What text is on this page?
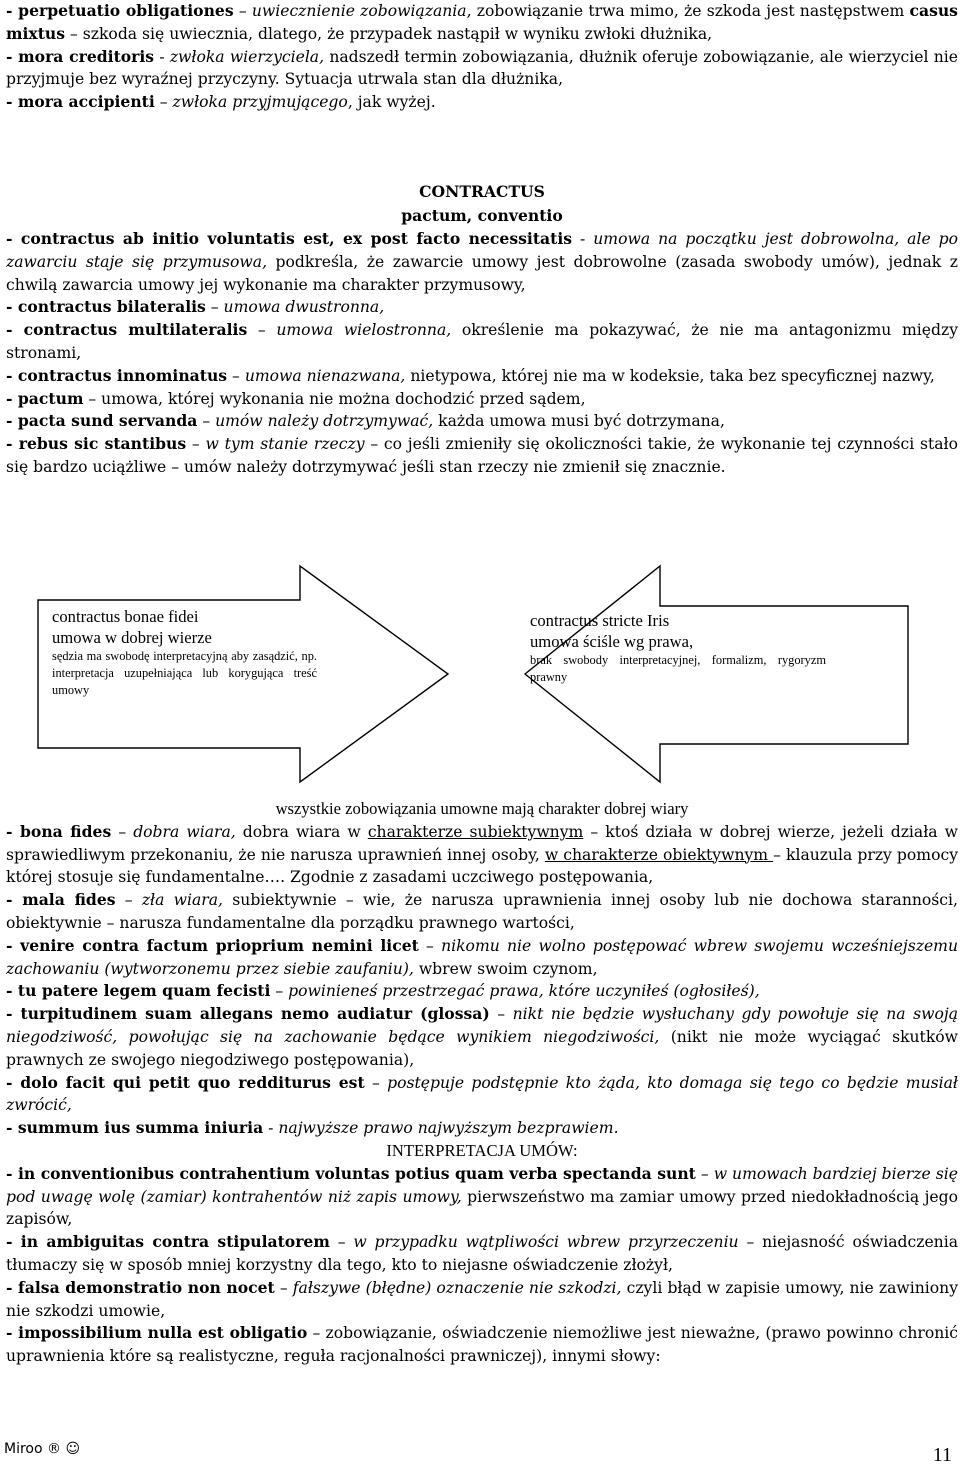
- perpetuatio obligationes – uwiecznienie zobowiązania, zobowiązanie trwa mimo, że szkoda jest następstwem casus mixtus – szkoda się uwiecznia, dlatego, że przypadek nastąpił w wyniku zwłoki dłużnika,

- mora creditoris - zwłoka wierzyciela, nadszedł termin zobowiązania, dłużnik oferuje zobowiązanie, ale wierzyciel nie przyjmuje bez wyraźnej przyczyny. Sytuacja utrwala stan dla dłużnika,

- mora accipienti – zwłoka przyjmującego, jak wyżej.

CONTRACTUS

pactum, conventio

- contractus ab initio voluntatis est, ex post facto necessitatis - umowa na początku jest dobrowolna, ale po zawarciu staje się przymusowa, podkreśla, że zawarcie umowy jest dobrowolne (zasada swobody umów), jednak z chwilą zawarcia umowy jej wykonanie ma charakter przymusowy,

- contractus bilateralis – umowa dwustronna,

- contractus multilateralis – umowa wielostronna, określenie ma pokazywać, że nie ma antagonizmu między stronami,

- contractus innominatus – umowa nienazwana, nietypowa, której nie ma w kodeksie, taka bez specyficznej nazwy,

- pactum – umowa, której wykonania nie można dochodzić przed sądem,

- pacta sund servanda – umów należy dotrzymywać, każda umowa musi być dotrzymana,

- rebus sic stantibus – w tym stanie rzeczy – co jeśli zmieniły się okoliczności takie, że wykonanie tej czynności stało się bardzo uciążliwe – umów należy dotrzymywać jeśli stan rzeczy nie zmienił się znacznie.

contractus bonae fidei
umowa w dobrej wierze
sędzia ma swobodę interpretacyjną aby zasądzić, np. interpretacja uzupełniająca lub korygująca treść umowy
contractus stricte Iris
umowa ściśle wg prawa,
brak swobody interpretacyjnej, formalizm, rygoryzm prawny

wszystkie zobowiązania umowne mają charakter dobrej wiary

- bona fides – dobra wiara, dobra wiara w charakterze subiektywnym – ktoś działa w dobrej wierze, jeżeli działa w sprawiedliwym przekonaniu, że nie narusza uprawnień innej osoby, w charakterze obiektywnym – klauzula przy pomocy której stosuje się fundamentalne…. Zgodnie z zasadami uczciwego postępowania,

- mala fides – zła wiara, subiektywnie – wie, że narusza uprawnienia innej osoby lub nie dochowa staranności, obiektywnie – narusza fundamentalne dla porządku prawnego wartości,

- venire contra factum prioprium nemini licet – nikomu nie wolno postępować wbrew swojemu wcześniejszemu zachowaniu (wytworzonemu przez siebie zaufaniu), wbrew swoim czynom,

- tu patere legem quam fecisti – powinieneś przestrzegać prawa, które uczyniłeś (ogłosiłeś),

- turpitudinem suam allegans nemo audiatur (glossa) – nikt nie będzie wysłuchany gdy powołuje się na swoją niegodziwość, powołując się na zachowanie będące wynikiem niegodziwości, (nikt nie może wyciągać skutków prawnych ze swojego niegodziwego postępowania),

- dolo facit qui petit quo redditurus est – postępuje podstępnie kto żąda, kto domaga się tego co będzie musiał zwrócić,

- summum ius summa iniuria - najwyższe prawo najwyższym bezprawiem.

INTERPRETACJA UMÓW:

- in conventionibus contrahentium voluntas potius quam verba spectanda sunt – w umowach bardziej bierze się pod uwagę wolę (zamiar) kontrahentów niż zapis umowy, pierwszeństwo ma zamiar umowy przed niedokładnością jego zapisów,

- in ambiguitas contra stipulatorem – w przypadku wątpliwości wbrew przyrzeczeniu – niejasność oświadczenia tłumaczy się w sposób mniej korzystny dla tego, kto to niejasne oświadczenie złożył,

- falsa demonstratio non nocet – fałszywe (błędne) oznaczenie nie szkodzi, czyli błąd w zapisie umowy, nie zawiniony nie szkodzi umowie,

- impossibilium nulla est obligatio – zobowiązanie, oświadczenie niemożliwe jest nieważne, (prawo powinno chronić uprawnienia które są realistyczne, reguła racjonalności prawniczej), innymi słowy:

Miroo ® ☺	11
